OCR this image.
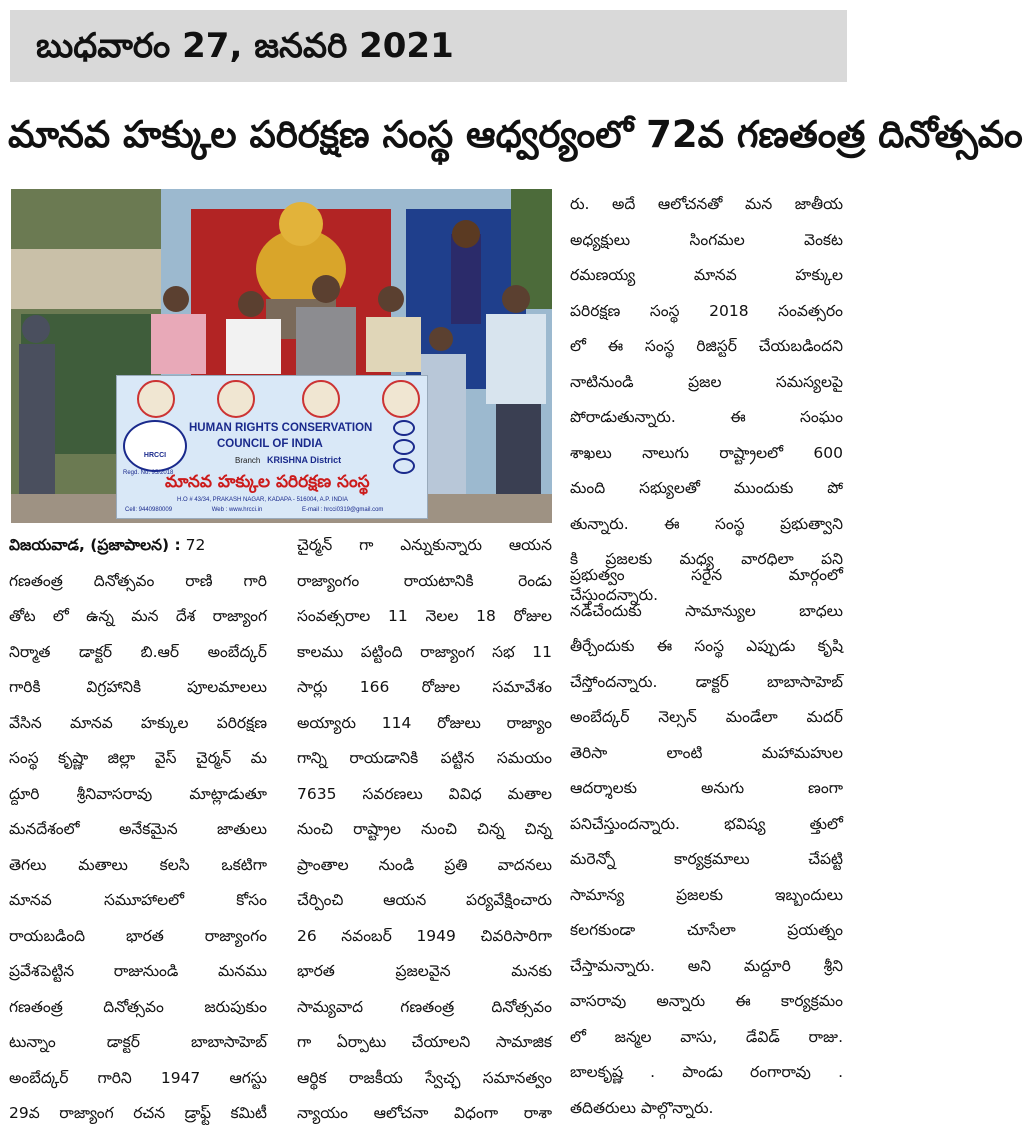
బుధవారం 27, జనవరి 2021
మానవ హక్కుల పరిరక్షణ సంస్థ ఆధ్వర్యంలో 72వ గణతంత్ర దినోత్సవం
HRCCI
Regd. No. 95/2018
HUMAN RIGHTS CONSERVATION
COUNCIL OF INDIA
Branch KRISHNA District
మానవ హక్కుల పరిరక్షణ సంస్థ
H.O # 43/34, PRAKASH NAGAR, KADAPA - 516004, A.P. INDIA
Cell: 9440980009	Web : www.hrcci.in	E-mail : hrcci0319@gmail.com

విజయవాడ, (ప్రజాపాలన) : 72

గణతంత్ర దినోత్సవం రాణి గారి

తోట లో ఉన్న మన దేశ రాజ్యాంగ

నిర్మాత డాక్టర్ బి.ఆర్ అంబేద్కర్

గారికి విగ్రహానికి పూలమాలలు

వేసిన మానవ హక్కుల పరిరక్షణ

సంస్థ కృష్ణా జిల్లా వైస్ చైర్మన్ మ

ద్దూరి శ్రీనివాసరావు మాట్లాడుతూ

మనదేశంలో అనేకమైన జాతులు

తెగలు మతాలు కలసి ఒకటిగా

మానవ సమూహాలలో కోసం

రాయబడింది భారత రాజ్యాంగం

ప్రవేశపెట్టిన రాజునుండి మనము

గణతంత్ర దినోత్సవం జరుపుకుం

టున్నాం డాక్టర్ బాబాసాహెబ్

అంబేద్కర్ గారిని 1947 ఆగస్టు

29వ రాజ్యాంగ రచన డ్రాఫ్ట్ కమిటీ

చైర్మన్ గా ఎన్నుకున్నారు ఆయన

రాజ్యాంగం రాయటానికి రెండు

సంవత్సరాల 11 నెలల 18 రోజుల

కాలము పట్టింది రాజ్యాంగ సభ 11

సార్లు 166 రోజుల సమావేశం

అయ్యారు 114 రోజులు రాజ్యాం

గాన్ని రాయడానికి పట్టిన సమయం

7635 సవరణలు వివిధ మతాల

నుంచి రాష్ట్రాల నుంచి చిన్న చిన్న

ప్రాంతాల నుండి ప్రతి వాదనలు

చేర్పించి ఆయన పర్యవేక్షించారు

26 నవంబర్ 1949 చివరిసారిగా

భారత ప్రజలవైన మనకు

సామ్యవాద గణతంత్ర దినోత్సవం

గా ఏర్పాటు చేయాలని సామాజిక

ఆర్థిక రాజకీయ స్వేచ్ఛ సమానత్వం

న్యాయం ఆలోచనా విధంగా రాశా

రు. అదే ఆలోచనతో మన జాతీయ

అధ్యక్షులు సింగమల వెంకట

రమణయ్య మానవ హక్కుల

పరిరక్షణ సంస్థ 2018 సంవత్సరం

లో ఈ సంస్థ రిజిస్టర్ చేయబడిందని

నాటినుండి ప్రజల సమస్యలపై

పోరాడుతున్నారు. ఈ సంఘం

శాఖలు నాలుగు రాష్ట్రాలలో 600

మంది సభ్యులతో ముందుకు పో

తున్నారు. ఈ సంస్థ ప్రభుత్వాని

కి ప్రజలకు మధ్య వారధిలా పని

చేస్తుందన్నారు.

ప్రభుత్వం సరైన మార్గంలో

నడిచేందుకు సామాన్యుల బాధలు

తీర్చేందుకు ఈ సంస్థ ఎప్పుడు కృషి

చేస్తోందన్నారు. డాక్టర్ బాబాసాహెబ్

అంబేద్కర్ నెల్సన్ మండేలా మదర్

తెరిసా లాంటి మహామహుల

ఆదర్శాలకు అనుగు ణంగా

పనిచేస్తుందన్నారు. భవిష్య త్తులో

మరెన్నో కార్యక్రమాలు చేపట్టి

సామాన్య ప్రజలకు ఇబ్బందులు

కలగకుండా చూసేలా ప్రయత్నం

చేస్తామన్నారు. అని మద్దూరి శ్రీని

వాసరావు అన్నారు ఈ కార్యక్రమం

లో జన్మల వాసు, డేవిడ్ రాజు.

బాలకృష్ణ . పాండు రంగారావు .

తదితరులు పాల్గొన్నారు.
